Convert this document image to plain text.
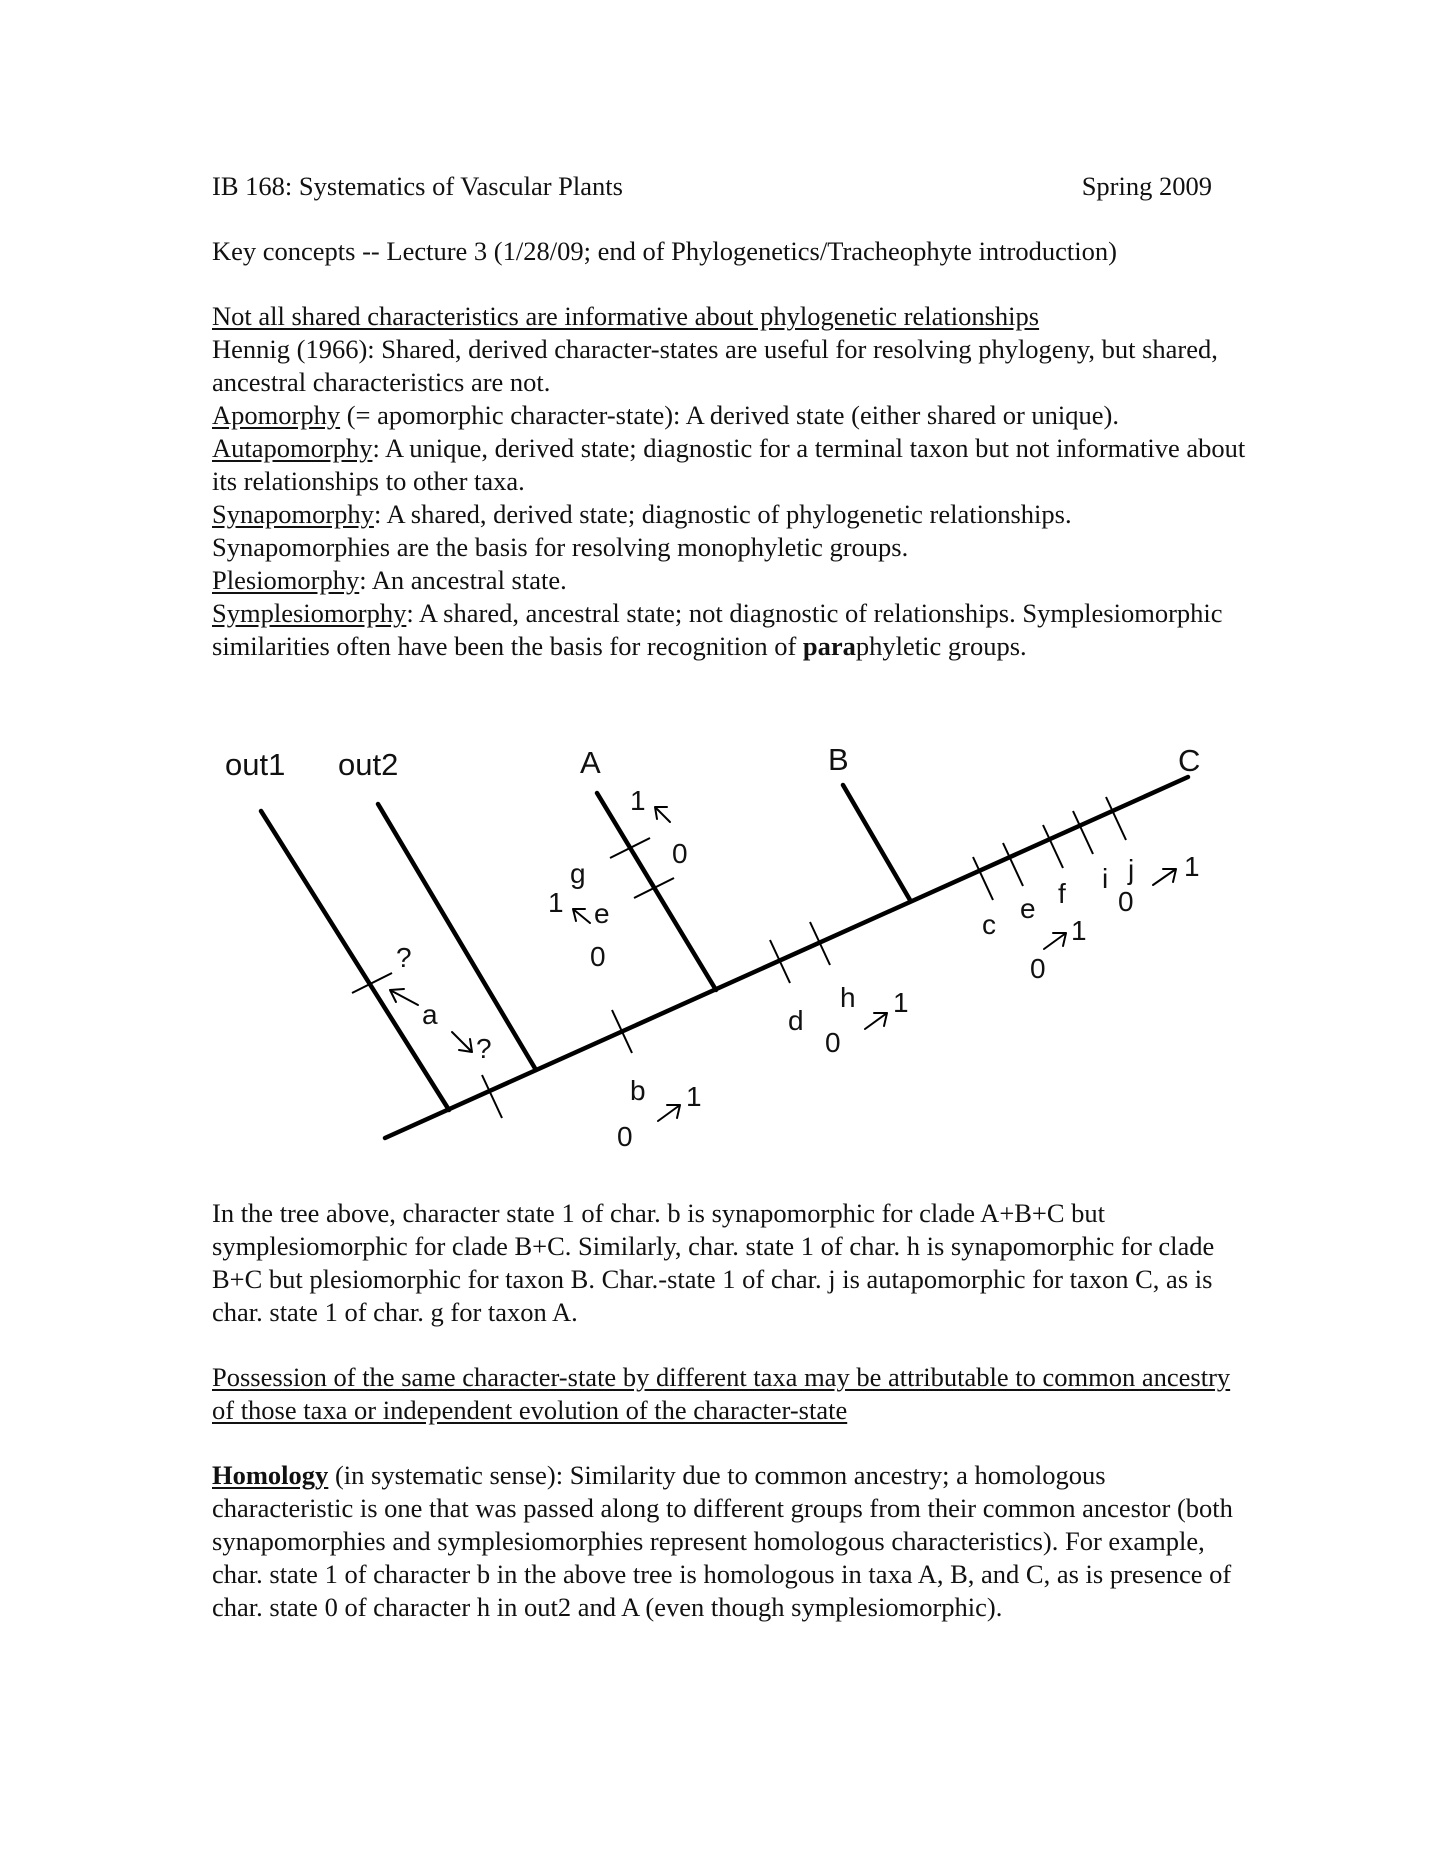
IB 168: Systematics of Vascular Plants	Spring 2009

Key concepts -- Lecture 3 (1/28/09; end of Phylogenetics/Tracheophyte introduction)

Not all shared characteristics are informative about phylogenetic relationships

Hennig (1966): Shared, derived character-states are useful for resolving phylogeny, but shared, ancestral characteristics are not.
Apomorphy (= apomorphic character-state): A derived state (either shared or unique).
Autapomorphy: A unique, derived state; diagnostic for a terminal taxon but not informative about its relationships to other taxa.
Synapomorphy: A shared, derived state; diagnostic of phylogenetic relationships. Synapomorphies are the basis for resolving monophyletic groups.
Plesiomorphy: An ancestral state.
Symplesiomorphy: A shared, ancestral state; not diagnostic of relationships. Symplesiomorphic similarities often have been the basis for recognition of paraphyletic groups.
out1 out2	A	B	C
?
a
?
g
0
1
1 e
0
b 1
0
d
h 1
0
c
e f
1
0
i j
0
1

In the tree above, character state 1 of char. b is synapomorphic for clade A+B+C but symplesiomorphic for clade B+C. Similarly, char. state 1 of char. h is synapomorphic for clade B+C but plesiomorphic for taxon B. Char.-state 1 of char. j is autapomorphic for taxon C, as is char. state 1 of char. g for taxon A.

Possession of the same character-state by different taxa may be attributable to common ancestry of those taxa or independent evolution of the character-state

Homology (in systematic sense): Similarity due to common ancestry; a homologous characteristic is one that was passed along to different groups from their common ancestor (both synapomorphies and symplesiomorphies represent homologous characteristics). For example, char. state 1 of character b in the above tree is homologous in taxa A, B, and C, as is presence of char. state 0 of character h in out2 and A (even though symplesiomorphic).
